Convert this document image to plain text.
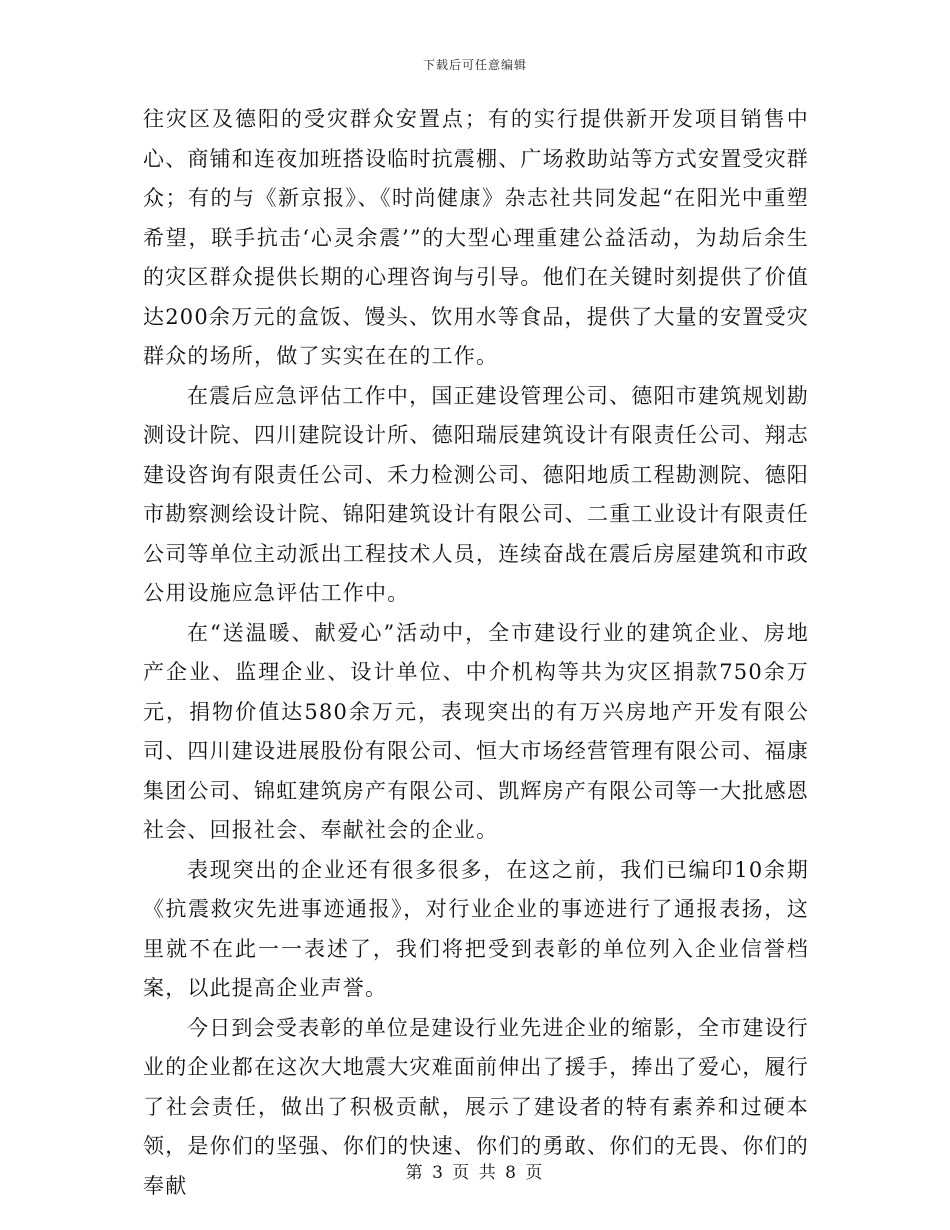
下载后可任意编辑

往灾区及德阳的受灾群众安置点；有的实行提供新开发项目销售中心、商铺和连夜加班搭设临时抗震棚、广场救助站等方式安置受灾群众；有的与《新京报》、《时尚健康》杂志社共同发起“在阳光中重塑希望，联手抗击‘心灵余震’”的大型心理重建公益活动，为劫后余生的灾区群众提供长期的心理咨询与引导。他们在关键时刻提供了价值达200余万元的盒饭、馒头、饮用水等食品，提供了大量的安置受灾群众的场所，做了实实在在的工作。

在震后应急评估工作中，国正建设管理公司、德阳市建筑规划勘测设计院、四川建院设计所、德阳瑞辰建筑设计有限责任公司、翔志建设咨询有限责任公司、禾力检测公司、德阳地质工程勘测院、德阳市勘察测绘设计院、锦阳建筑设计有限公司、二重工业设计有限责任公司等单位主动派出工程技术人员，连续奋战在震后房屋建筑和市政公用设施应急评估工作中。

在“送温暖、献爱心”活动中，全市建设行业的建筑企业、房地产企业、监理企业、设计单位、中介机构等共为灾区捐款750余万元，捐物价值达580余万元，表现突出的有万兴房地产开发有限公司、四川建设进展股份有限公司、恒大市场经营管理有限公司、福康集团公司、锦虹建筑房产有限公司、凯辉房产有限公司等一大批感恩社会、回报社会、奉献社会的企业。

表现突出的企业还有很多很多，在这之前，我们已编印10余期《抗震救灾先进事迹通报》，对行业企业的事迹进行了通报表扬，这里就不在此一一表述了，我们将把受到表彰的单位列入企业信誉档案，以此提高企业声誉。

今日到会受表彰的单位是建设行业先进企业的缩影，全市建设行业的企业都在这次大地震大灾难面前伸出了援手，捧出了爱心，履行了社会责任，做出了积极贡献，展示了建设者的特有素养和过硬本领，是你们的坚强、你们的快速、你们的勇敢、你们的无畏、你们的奉献

第 3 页 共 8 页
